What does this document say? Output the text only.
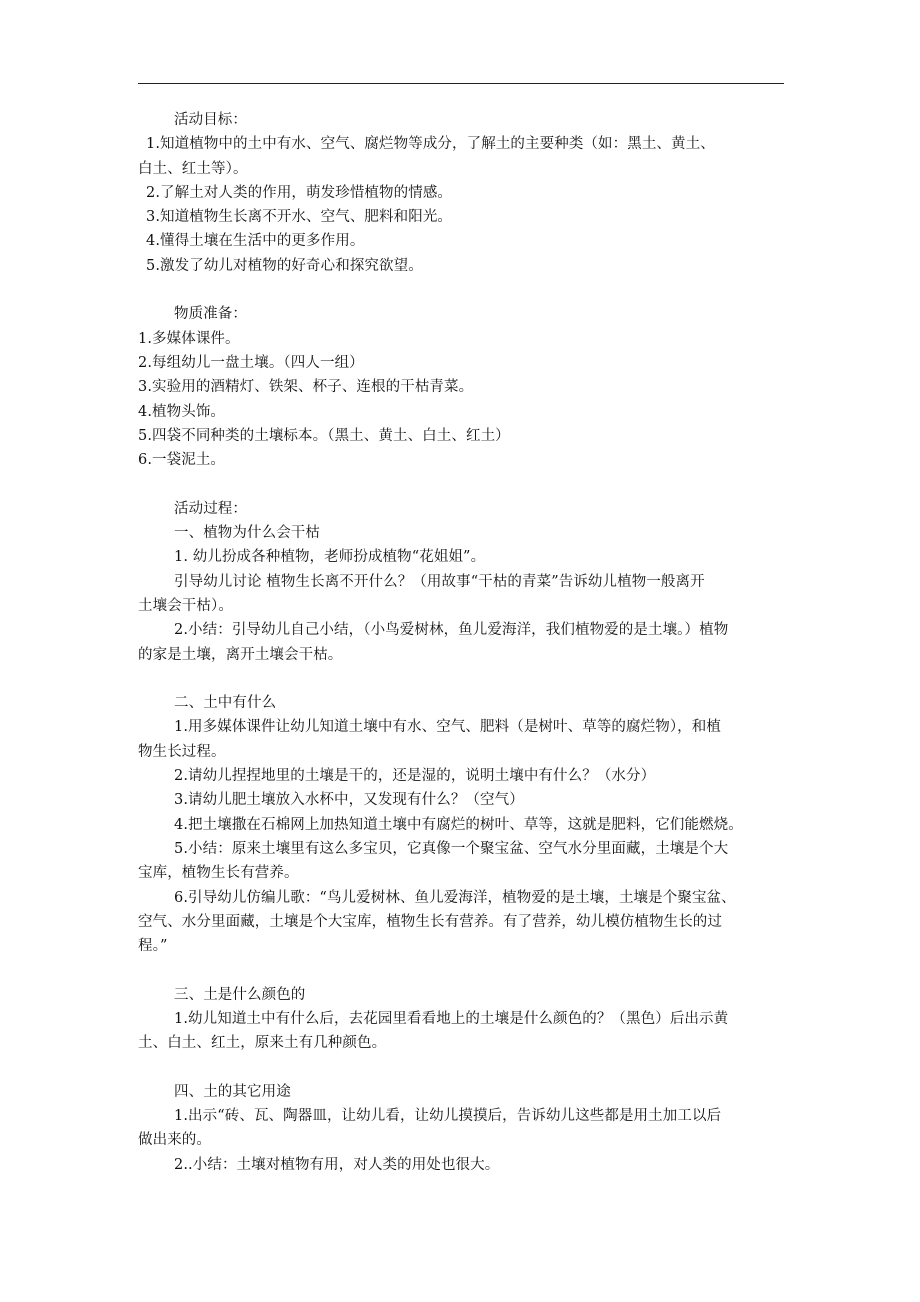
活动目标：
1.知道植物中的土中有水、空气、腐烂物等成分，了解土的主要种类（如：黑土、黄土、
白土、红土等）。
2.了解土对人类的作用，萌发珍惜植物的情感。
3.知道植物生长离不开水、空气、肥料和阳光。
4.懂得土壤在生活中的更多作用。
5.激发了幼儿对植物的好奇心和探究欲望。
物质准备：
1.多媒体课件。
2.每组幼儿一盘土壤。（四人一组）
3.实验用的酒精灯、铁架、杯子、连根的干枯青菜。
4.植物头饰。
5.四袋不同种类的土壤标本。（黑土、黄土、白土、红土）
6.一袋泥土。
活动过程：
一、植物为什么会干枯
1. 幼儿扮成各种植物，老师扮成植物“花姐姐”。
引导幼儿讨论 植物生长离不开什么？（用故事“干枯的青菜”告诉幼儿植物一般离开
土壤会干枯）。
2.小结：引导幼儿自己小结，（小鸟爱树林，鱼儿爱海洋，我们植物爱的是土壤。）植物
的家是土壤，离开土壤会干枯。
二、土中有什么
1.用多媒体课件让幼儿知道土壤中有水、空气、肥料（是树叶、草等的腐烂物），和植
物生长过程。
2.请幼儿捏捏地里的土壤是干的，还是湿的，说明土壤中有什么？（水分）
3.请幼儿肥土壤放入水杯中，又发现有什么？（空气）
4.把土壤撒在石棉网上加热知道土壤中有腐烂的树叶、草等，这就是肥料，它们能燃烧。
5.小结：原来土壤里有这么多宝贝，它真像一个聚宝盆、空气水分里面藏，土壤是个大
宝库，植物生长有营养。
6.引导幼儿仿编儿歌：“鸟儿爱树林、鱼儿爱海洋，植物爱的是土壤，土壤是个聚宝盆、
空气、水分里面藏，土壤是个大宝库，植物生长有营养。有了营养，幼儿模仿植物生长的过
程。”
三、土是什么颜色的
1.幼儿知道土中有什么后，去花园里看看地上的土壤是什么颜色的？（黑色）后出示黄
土、白土、红土，原来土有几种颜色。
四、土的其它用途
1.出示“砖、瓦、陶器皿，让幼儿看，让幼儿摸摸后，告诉幼儿这些都是用土加工以后
做出来的。
2..小结：土壤对植物有用，对人类的用处也很大。
